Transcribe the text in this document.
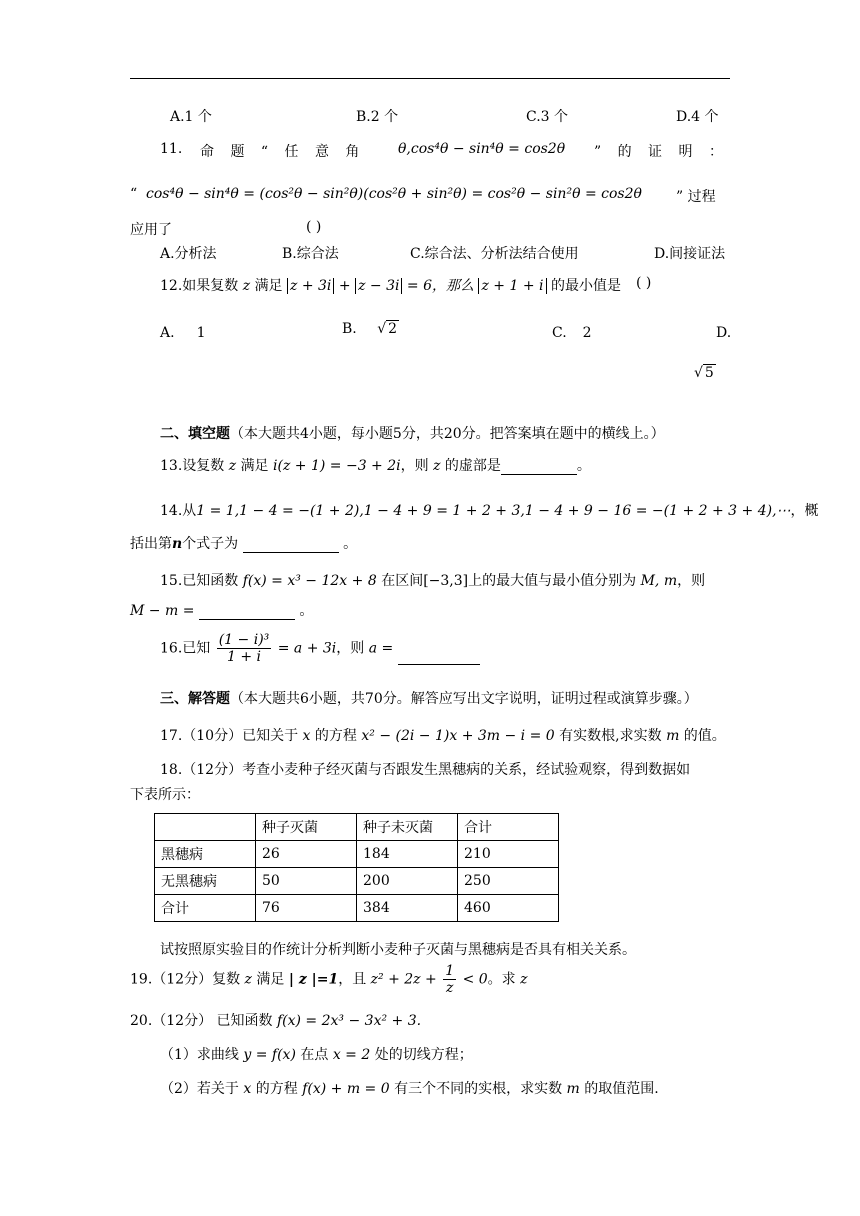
A.1 个	B.2 个	C.3 个	D.4 个
11. 命 题 “ 任 意 角 θ,cos⁴θ − sin⁴θ = cos2θ ” 的 证 明 ：
“ cos⁴θ − sin⁴θ = (cos²θ − sin²θ)(cos²θ + sin²θ) = cos²θ − sin²θ = cos2θ ” 过程
应用了	( )
A.分析法	B.综合法	C.综合法、分析法结合使用	D.间接证法
12.如果复数 z 满足 z + 3i + z − 3i = 6，那么 z + 1 + i 的最小值是 ( )
A. 1	B. √ 2	C. 2	D.
√ 5
二、填空题（本大题共4小题，每小题5分，共20分。把答案填在题中的横线上。）
13.设复数 z 满足 i(z + 1) = −3 + 2i，则 z 的虚部是	。
14.从1 = 1,1 − 4 = −(1 + 2),1 − 4 + 9 = 1 + 2 + 3,1 − 4 + 9 − 16 = −(1 + 2 + 3 + 4),⋯，概
括出第n个式子为	。
15.已知函数 f(x) = x³ − 12x + 8 在区间[−3,3]上的最大值与最小值分别为 M, m，则
M − m =	。
16.已知 $\frac{\text{(1 − i)³}}{1 + i} = a + 3i$，则 a =
三、解答题（本大题共6小题，共70分。解答应写出文字说明，证明过程或演算步骤。）
17.（10分）已知关于 x 的方程 x² − (2i − 1)x + 3m − i = 0 有实数根,求实数 m 的值。
18.（12分）考查小麦种子经灭菌与否跟发生黑穗病的关系，经试验观察，得到数据如
下表所示：
	种子灭菌	种子未灭菌	合计
黑穗病	26	184	210
无黑穗病	50	200	250
合计	76	384	460
试按照原实验目的作统计分析判断小麦种子灭菌与黑穗病是否具有相关关系。
19.（12分）复数 z 满足 | z |=1，且 $z^2 + 2z + \frac{1}{z} < 0$。求 z
20.（12分） 已知函数 f(x) = 2x³ − 3x² + 3.
（1）求曲线 y = f(x) 在点 x = 2 处的切线方程；
（2）若关于 x 的方程 f(x) + m = 0 有三个不同的实根，求实数 m 的取值范围.
